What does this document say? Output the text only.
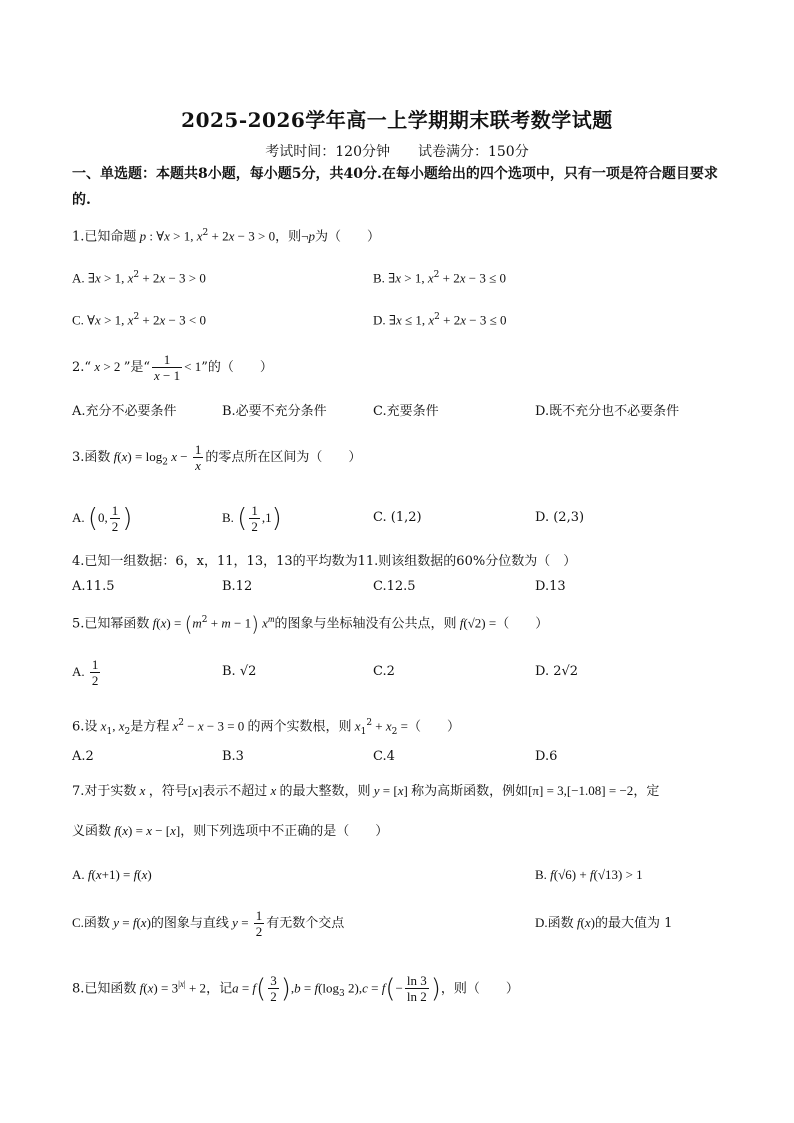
2025-2026学年高一上学期期末联考数学试题
考试时间：120分钟　　试卷满分：150分
一、单选题：本题共8小题，每小题5分，共40分.在每小题给出的四个选项中，只有一项是符合题目要求的.
1.已知命题 p : ∀x > 1, $x^2 + 2x - 3 > 0$，则¬p为（　　）
A. ∃x > 1, $x^2 + 2x - 3 > 0$	B. ∃x > 1, $x^2 + 2x - 3 \le 0$
C. ∀x > 1, $x^2 + 2x - 3 < 0$	D. ∃x ≤ 1, $x^2 + 2x - 3 \le 0$
2.“ x > 2 ”是“ $\frac{1}{x - 1} < 1$”的（　　）
A.充分不必要条件	B.必要不充分条件	C.充要条件	D.既不充分也不必要条件
3.函数 $f(x) = \log_2 x - \frac{1}{x}$ 的零点所在区间为（　　）
A. (0, $\frac{1}{2}$ )	B. ( $\frac{1}{2} ,1$)	C. (1,2)	D. (2,3)
4.已知一组数据：6，x，11，13，13的平均数为11.则该组数据的60%分位数为（　）
A.11.5	B.12	C.12.5	D.13
5.已知幂函数 $f(x) = (m^2 + m - 1)$ $x^m$的图象与坐标轴没有公共点，则 f(√2) =（　　）
A. $\frac{1}{2}$	B. √2	C.2	D. 2√2
6.设 $x_1$, $x_2$是方程 $x^2 - x - 3 = 0$ 的两个实数根，则 $x_1^2 + x_2$ =（　　）
A.2	B.3	C.4	D.6
7.对于实数 x ，符号[x]表示不超过 x 的最大整数，则 y = [x] 称为高斯函数，例如[π] = 3,[−1.08] = −2，定
义函数 f(x) = x − [x]，则下列选项中不正确的是（　　）
A. f(x+1) = f(x)	B. f(√6) + f(√13) > 1
C.函数 y = f(x)的图象与直线 $y = \frac{1}{2}$ 有无数个交点	D.函数 f(x)的最大值为 1
8.已知函数 $f(x) = 3^{|x|} + 2$，记$a = f( \frac{3}{2} ),b = f(\log_3$ $2),c = f(- \frac{\ln 3}{\ln 2}$ )，则（　　）
